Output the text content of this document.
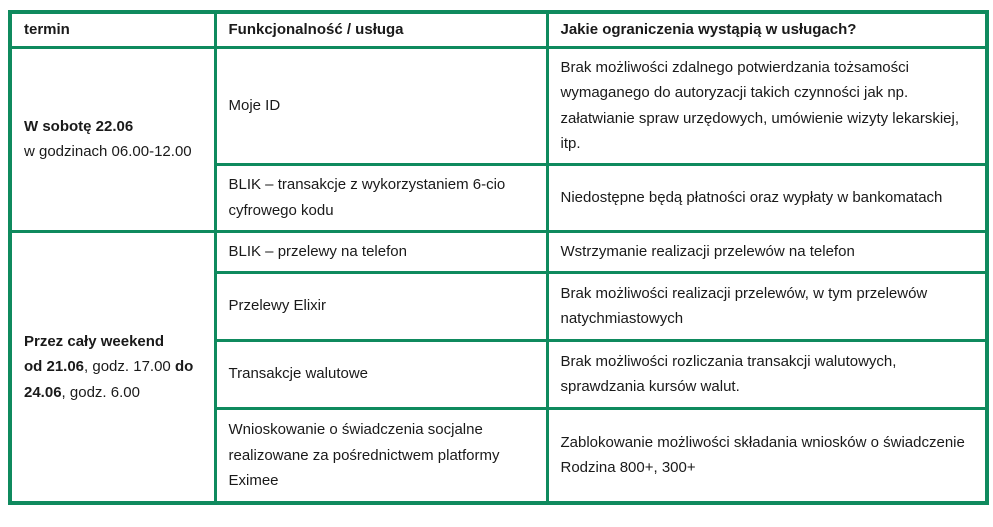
termin	Funkcjonalność / usługa	Jakie ograniczenia wystąpią w usługach?
W sobotę 22.06
w godzinach 06.00-12.00	Moje ID	Brak możliwości zdalnego potwierdzania tożsamości wymaganego do autoryzacji takich czynności jak np. załatwianie spraw urzędowych, umówienie wizyty lekarskiej, itp.
	BLIK – transakcje z wykorzystaniem 6-cio cyfrowego kodu	Niedostępne będą płatności oraz wypłaty w bankomatach
Przez cały weekend
od 21.06, godz. 17.00 do
24.06, godz. 6.00	BLIK – przelewy na telefon	Wstrzymanie realizacji przelewów na telefon
	Przelewy Elixir	Brak możliwości realizacji przelewów, w tym przelewów natychmiastowych
	Transakcje walutowe	Brak możliwości rozliczania transakcji walutowych, sprawdzania kursów walut.
	Wnioskowanie o świadczenia socjalne realizowane za pośrednictwem platformy Eximee	Zablokowanie możliwości składania wniosków o świadczenie Rodzina 800+, 300+
